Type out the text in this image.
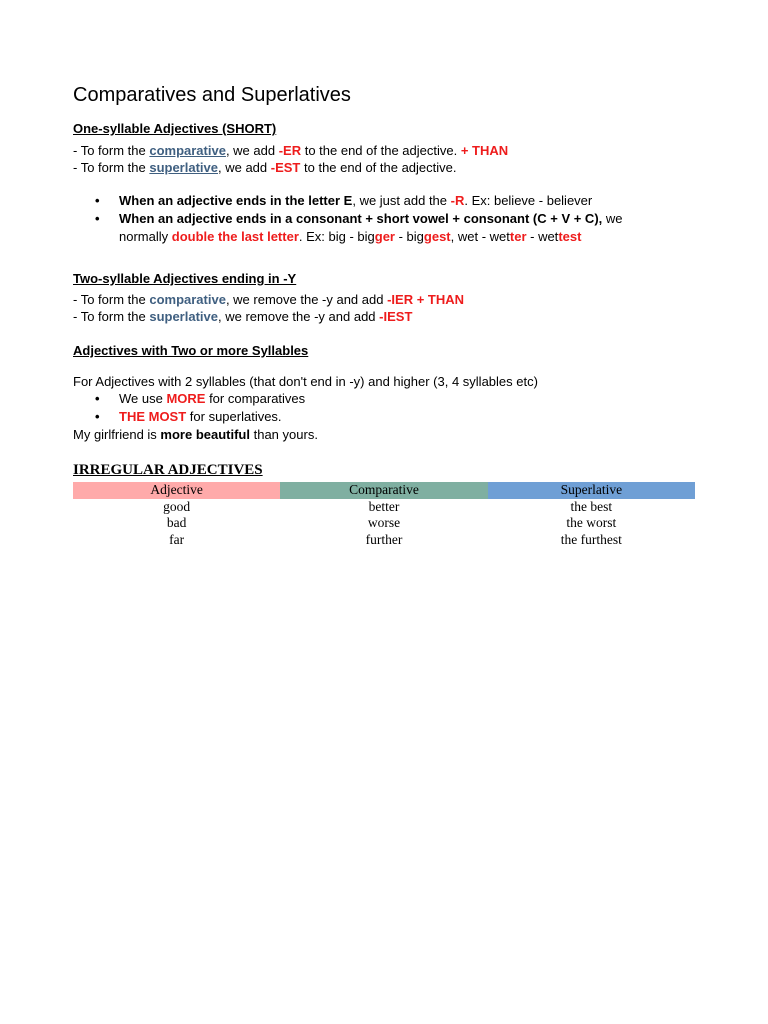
Comparatives and Superlatives
One-syllable Adjectives (SHORT)
- To form the comparative, we add -ER to the end of the adjective. + THAN
- To form the superlative, we add -EST to the end of the adjective.
• When an adjective ends in the letter E, we just add the -R. Ex: believe - believer
• When an adjective ends in a consonant + short vowel + consonant (C + V + C), we
normally double the last letter. Ex: big - bigger - biggest, wet - wetter - wettest
Two-syllable Adjectives ending in -Y
- To form the comparative, we remove the -y and add -IER + THAN
- To form the superlative, we remove the -y and add -IEST
Adjectives with Two or more Syllables
For Adjectives with 2 syllables (that don't end in -y) and higher (3, 4 syllables etc)
• We use MORE for comparatives
• THE MOST for superlatives.
My girlfriend is more beautiful than yours.
IRREGULAR ADJECTIVES
Adjective	Comparative	Superlative
good	better	the best
bad	worse	the worst
far	further	the furthest
